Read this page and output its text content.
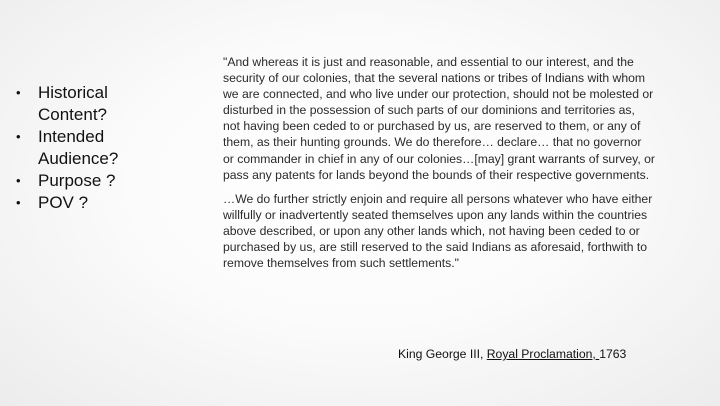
•	Historical Content?
•	Intended Audience?
•	Purpose ?
•	POV ?

"And whereas it is just and reasonable, and essential to our interest, and the security of our colonies, that the several nations or tribes of Indians with whom we are connected, and who live under our protection, should not be molested or disturbed in the possession of such parts of our dominions and territories as, not having been ceded to or purchased by us, are reserved to them, or any of them, as their hunting grounds. We do therefore… declare… that no governor or commander in chief in any of our colonies…[may] grant warrants of survey, or pass any patents for lands beyond the bounds of their respective governments.

…We do further strictly enjoin and require all persons whatever who have either willfully or inadvertently seated themselves upon any lands within the countries above described, or upon any other lands which, not having been ceded to or purchased by us, are still reserved to the said Indians as aforesaid, forthwith to remove themselves from such settlements."

King George III, Royal Proclamation, 1763
